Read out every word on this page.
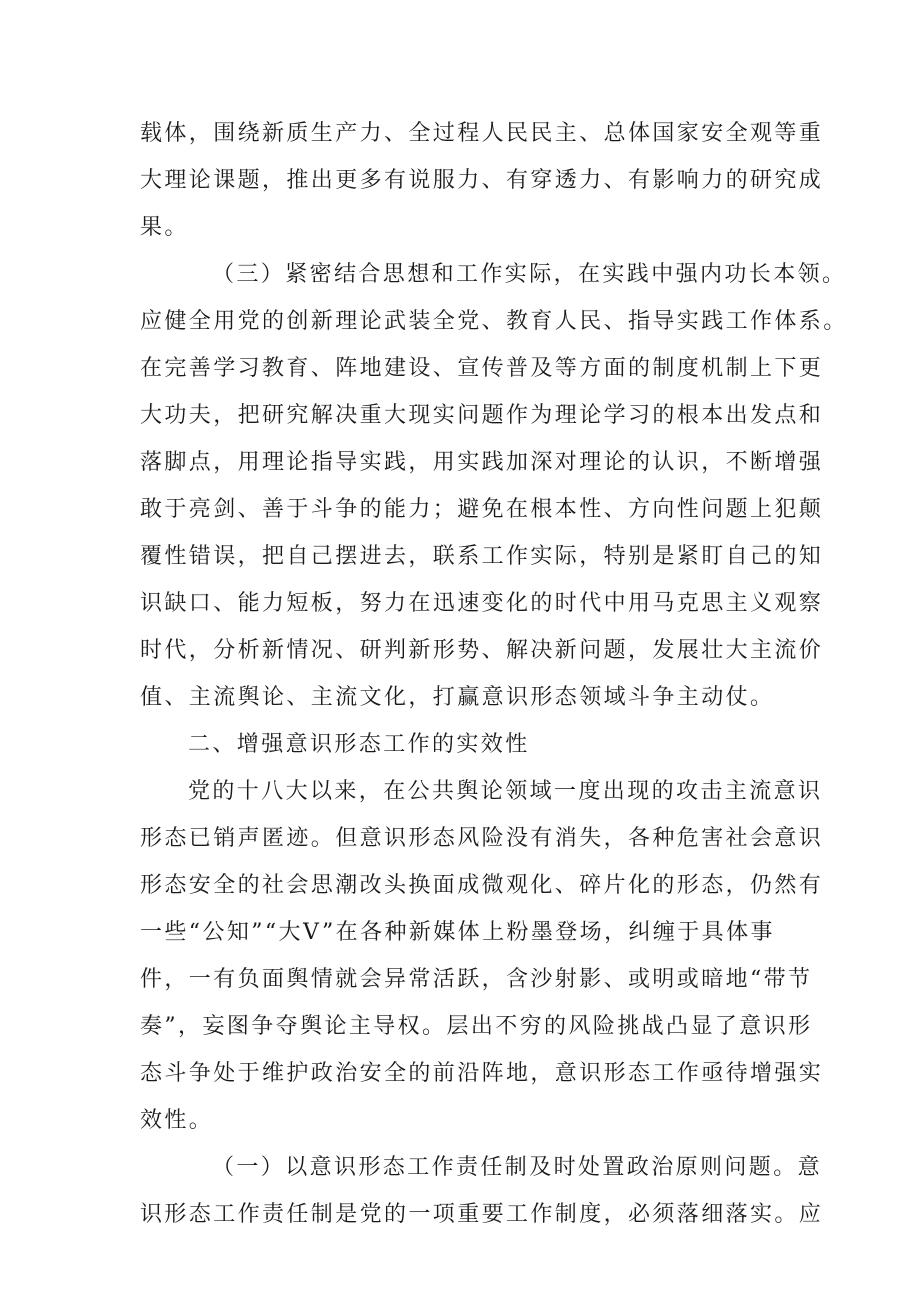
载体，围绕新质生产力、全过程人民民主、总体国家安全观等重
大理论课题，推出更多有说服力、有穿透力、有影响力的研究成
果。
（三）紧密结合思想和工作实际，在实践中强内功长本领。
应健全用党的创新理论武装全党、教育人民、指导实践工作体系。
在完善学习教育、阵地建设、宣传普及等方面的制度机制上下更
大功夫，把研究解决重大现实问题作为理论学习的根本出发点和
落脚点，用理论指导实践，用实践加深对理论的认识，不断增强
敢于亮剑、善于斗争的能力；避免在根本性、方向性问题上犯颠
覆性错误，把自己摆进去，联系工作实际，特别是紧盯自己的知
识缺口、能力短板，努力在迅速变化的时代中用马克思主义观察
时代，分析新情况、研判新形势、解决新问题，发展壮大主流价
值、主流舆论、主流文化，打赢意识形态领域斗争主动仗。
二、增强意识形态工作的实效性
党的十八大以来，在公共舆论领域一度出现的攻击主流意识
形态已销声匿迹。但意识形态风险没有消失，各种危害社会意识
形态安全的社会思潮改头换面成微观化、碎片化的形态，仍然有
一些“公知”“大V”在各种新媒体上粉墨登场，纠缠于具体事
件，一有负面舆情就会异常活跃，含沙射影、或明或暗地“带节
奏”，妄图争夺舆论主导权。层出不穷的风险挑战凸显了意识形
态斗争处于维护政治安全的前沿阵地，意识形态工作亟待增强实
效性。
（一）以意识形态工作责任制及时处置政治原则问题。意
识形态工作责任制是党的一项重要工作制度，必须落细落实。应
